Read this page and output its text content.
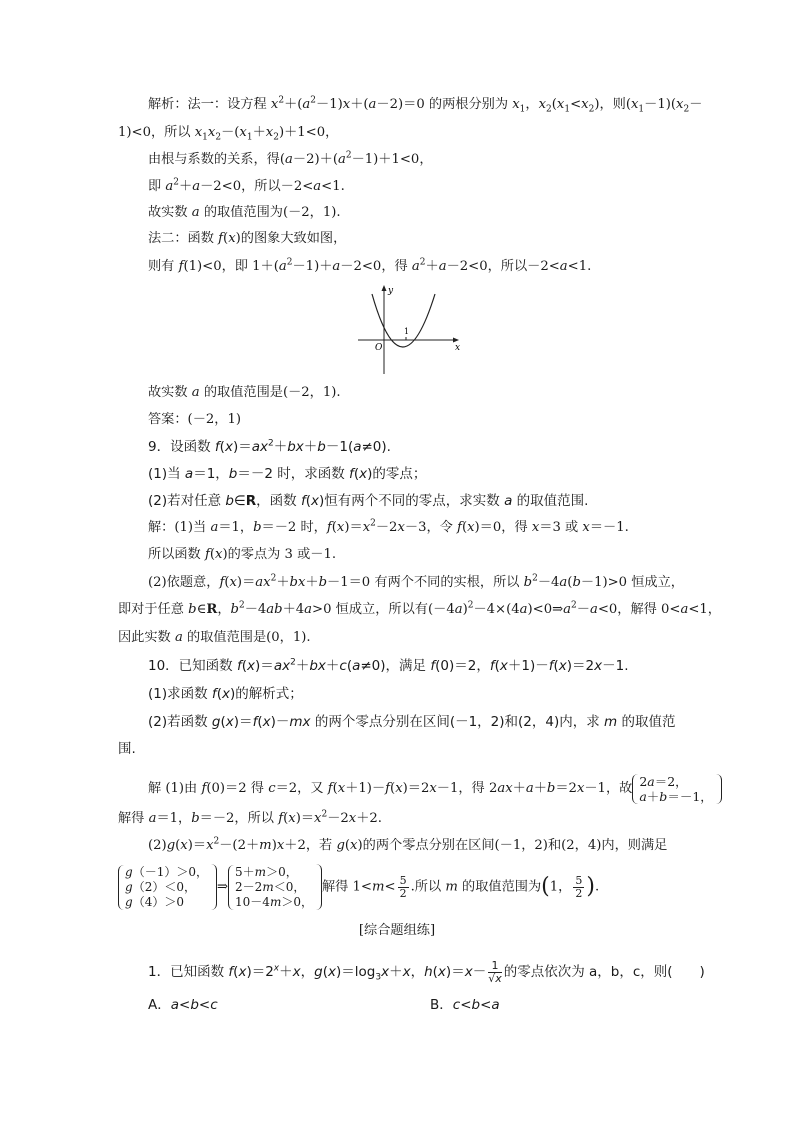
解析：法一：设方程 $x^2+(a^2-1)x+(a-2)=0$ 的两根分别为 $x_1$，$x_2(x_1<x_2)$，则$(x_1-1)(x_2-$
1)<0，所以 $x_1x_2-(x_1+x_2)+1<0$，
由根与系数的关系，得$(a-2)+(a^2-1)+1<0$，
即 $a^2+a-2<0$，所以－2<a<1.
故实数 a 的取值范围为(－2，1).
法二：函数 f(x)的图象大致如图，
则有 f(1)<0，即 $1+(a^2-1)+a-2<0$，得 $a^2+a-2<0$，所以－2<a<1.
y
x
O
1
故实数 a 的取值范围是(－2，1).
答案：(－2，1)
9．设函数 $f(x)=ax^2+bx+b-1(a\ne 0)$.
(1)当 a＝1，b＝－2 时，求函数 f(x)的零点；
(2)若对任意 b∈R，函数 f(x)恒有两个不同的零点，求实数 a 的取值范围.
解：(1)当 a＝1，b＝－2 时，$f(x)=x^2-2x-3$，令 f(x)＝0，得 x＝3 或 x＝－1.
所以函数 f(x)的零点为 3 或－1.
(2)依题意，$f(x)=ax^2+bx+b-1=0$ 有两个不同的实根，所以 $b^2-4a(b-1)>0$ 恒成立，
即对于任意 b∈R，$b^2-4ab+4a>0$ 恒成立，所以有$(-4a)^2-4\times(4a)<0\Rightarrow a^2-a<0$，解得 0<a<1，
因此实数 a 的取值范围是(0，1).
10．已知函数 $f(x)=ax^2+bx+c(a\ne 0)$，满足 f(0)＝2，f(x＋1)－f(x)＝2x－1.
(1)求函数 f(x)的解析式；
(2)若函数 g(x)＝f(x)－mx 的两个零点分别在区间(－1，2)和(2，4)内，求 m 的取值范
围.
解 (1)由 f(0)＝2 得 c＝2，又 f(x＋1)－f(x)＝2x－1，得 2ax＋a＋b＝2x－1，故 2a＝2，
a＋b＝－1，
解得 a＝1，b＝－2，所以 $f(x)=x^2-2x+2$.
$(2)g(x)=x^2-(2+m)x+2$，若 g(x)的两个零点分别在区间(－1，2)和(2，4)内，则满足
g（－1）＞0，
g（2）＜0，
g（4）＞0⇒5＋m＞0，
2－2m＜0，
10－4m＞0，解得 $1<m< \frac{5}{2}$ .所以 m 的取值范围为(1， $\frac{5}{2}$ ).
[综合题组练]
1．已知函数 $f(x)=2^x+x$，$g(x)=\log_3x+x$，$h(x)=x- \frac{1}{√x}$ 的零点依次为 a，b，c，则(　　)
A．a<b<c	B．c<b<a
